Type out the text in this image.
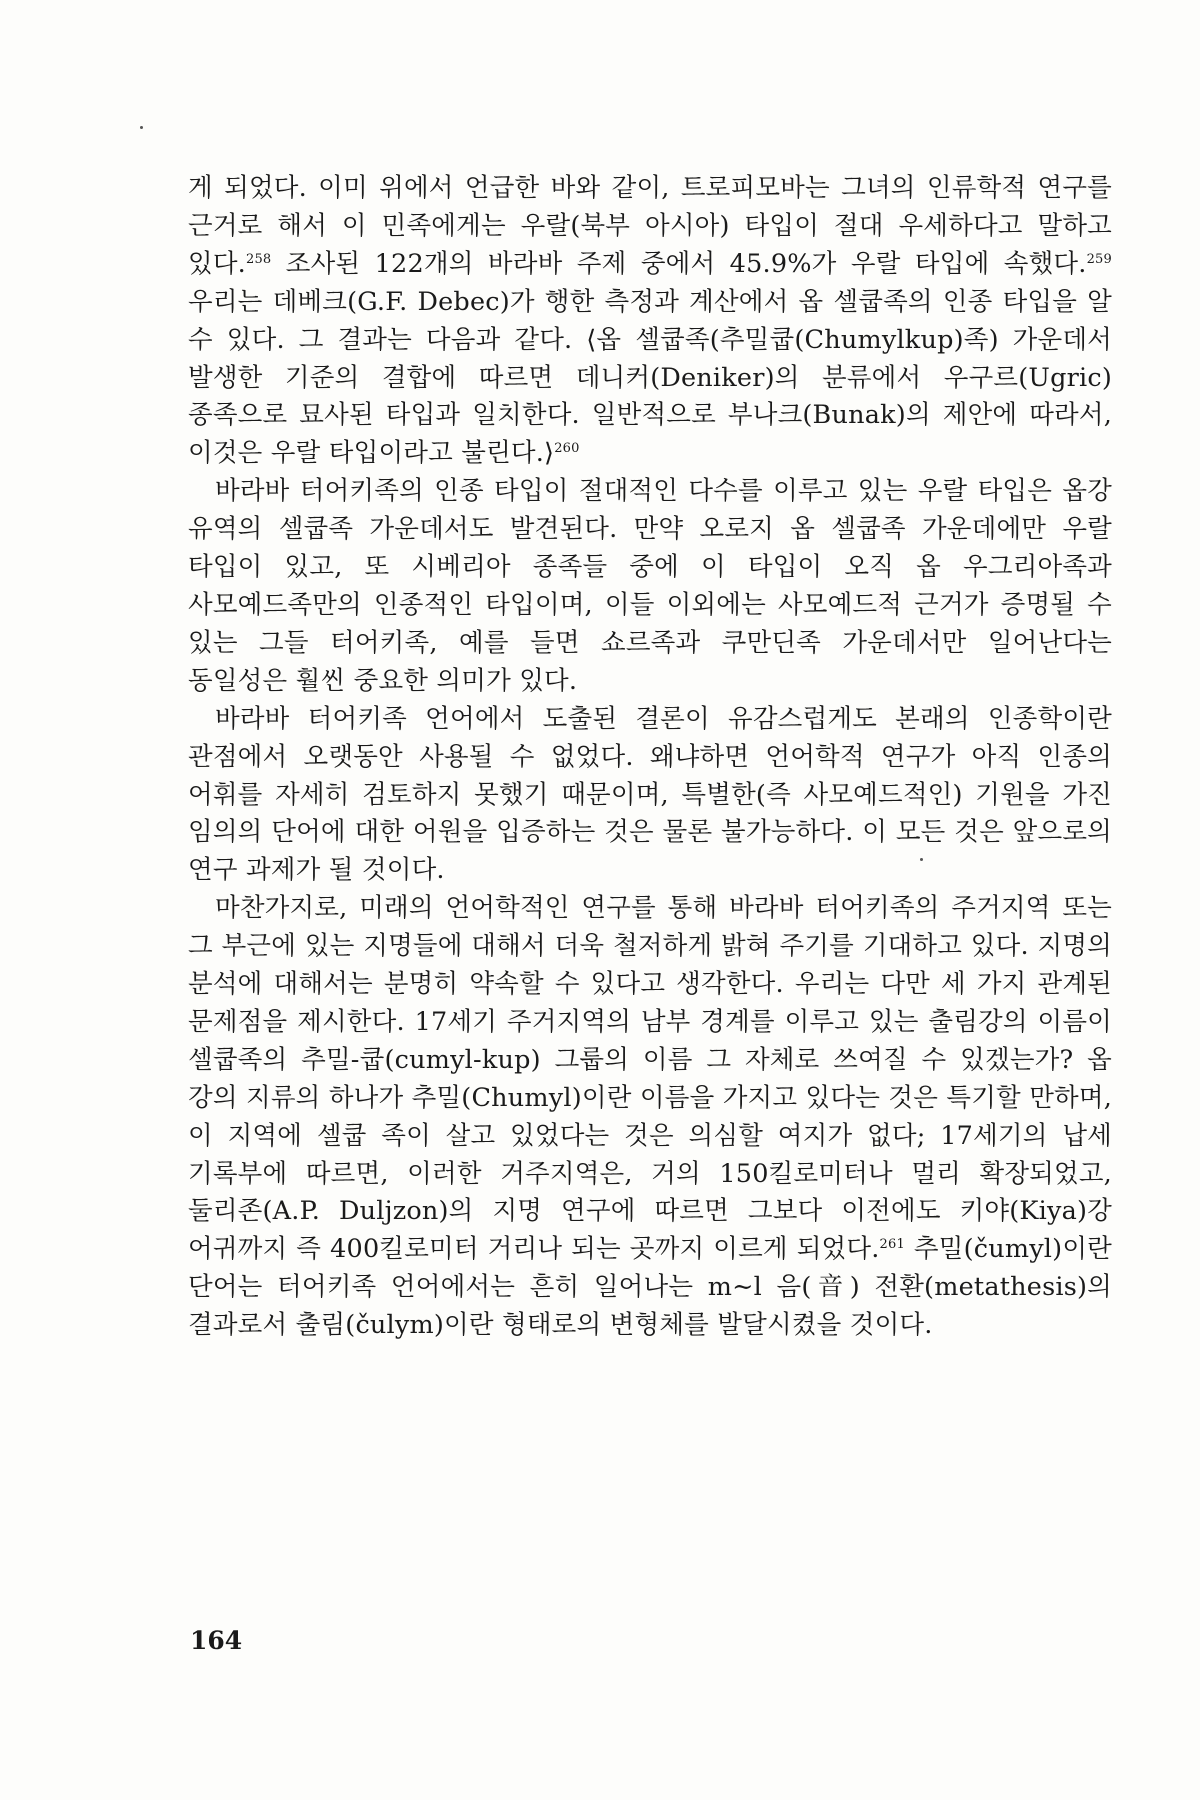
게 되었다. 이미 위에서 언급한 바와 같이, 트로피모바는 그녀의 인류학적 연구를 근거로 해서 이 민족에게는 우랄(북부 아시아) 타입이 절대 우세하다고 말하고 있다.$^{258}$ 조사된 122개의 바라바 주제 중에서 45.9%가 우랄 타입에 속했다.$^{259}$ 우리는 데베크(G.F. Debec)가 행한 측정과 계산에서 옵 셀쿱족의 인종 타입을 알 수 있다. 그 결과는 다음과 같다. ⟨옵 셀쿱족(추밀쿱(Chumylkup)족) 가운데서 발생한 기준의 결합에 따르면 데니커(Deniker)의 분류에서 우구르(Ugric) 종족으로 묘사된 타입과 일치한다. 일반적으로 부나크(Bunak)의 제안에 따라서, 이것은 우랄 타입이라고 불린다.⟩$^{260}$

바라바 터어키족의 인종 타입이 절대적인 다수를 이루고 있는 우랄 타입은 옵강 유역의 셀쿱족 가운데서도 발견된다. 만약 오로지 옵 셀쿱족 가운데에만 우랄 타입이 있고, 또 시베리아 종족들 중에 이 타입이 오직 옵 우그리아족과 사모예드족만의 인종적인 타입이며, 이들 이외에는 사모예드적 근거가 증명될 수 있는 그들 터어키족, 예를 들면 쇼르족과 쿠만딘족 가운데서만 일어난다는 동일성은 훨씬 중요한 의미가 있다.

바라바 터어키족 언어에서 도출된 결론이 유감스럽게도 본래의 인종학이란 관점에서 오랫동안 사용될 수 없었다. 왜냐하면 언어학적 연구가 아직 인종의 어휘를 자세히 검토하지 못했기 때문이며, 특별한(즉 사모예드적인) 기원을 가진 임의의 단어에 대한 어원을 입증하는 것은 물론 불가능하다. 이 모든 것은 앞으로의 연구 과제가 될 것이다.

마찬가지로, 미래의 언어학적인 연구를 통해 바라바 터어키족의 주거지역 또는 그 부근에 있는 지명들에 대해서 더욱 철저하게 밝혀 주기를 기대하고 있다. 지명의 분석에 대해서는 분명히 약속할 수 있다고 생각한다. 우리는 다만 세 가지 관계된 문제점을 제시한다. 17세기 주거지역의 남부 경계를 이루고 있는 출림강의 이름이 셀쿱족의 추밀-쿱(cumyl-kup) 그룹의 이름 그 자체로 쓰여질 수 있겠는가? 옵 강의 지류의 하나가 추밀(Chumyl)이란 이름을 가지고 있다는 것은 특기할 만하며, 이 지역에 셀쿱 족이 살고 있었다는 것은 의심할 여지가 없다; 17세기의 납세 기록부에 따르면, 이러한 거주지역은, 거의 150킬로미터나 멀리 확장되었고, 둘리존(A.P. Duljzon)의 지명 연구에 따르면 그보다 이전에도 키야(Kiya)강 어귀까지 즉 400킬로미터 거리나 되는 곳까지 이르게 되었다.$^{261}$ 추밀(čumyl)이란 단어는 터어키족 언어에서는 흔히 일어나는 m∼l 음(音) 전환(metathesis)의 결과로서 출림(čulym)이란 형태로의 변형체를 발달시켰을 것이다.

164
